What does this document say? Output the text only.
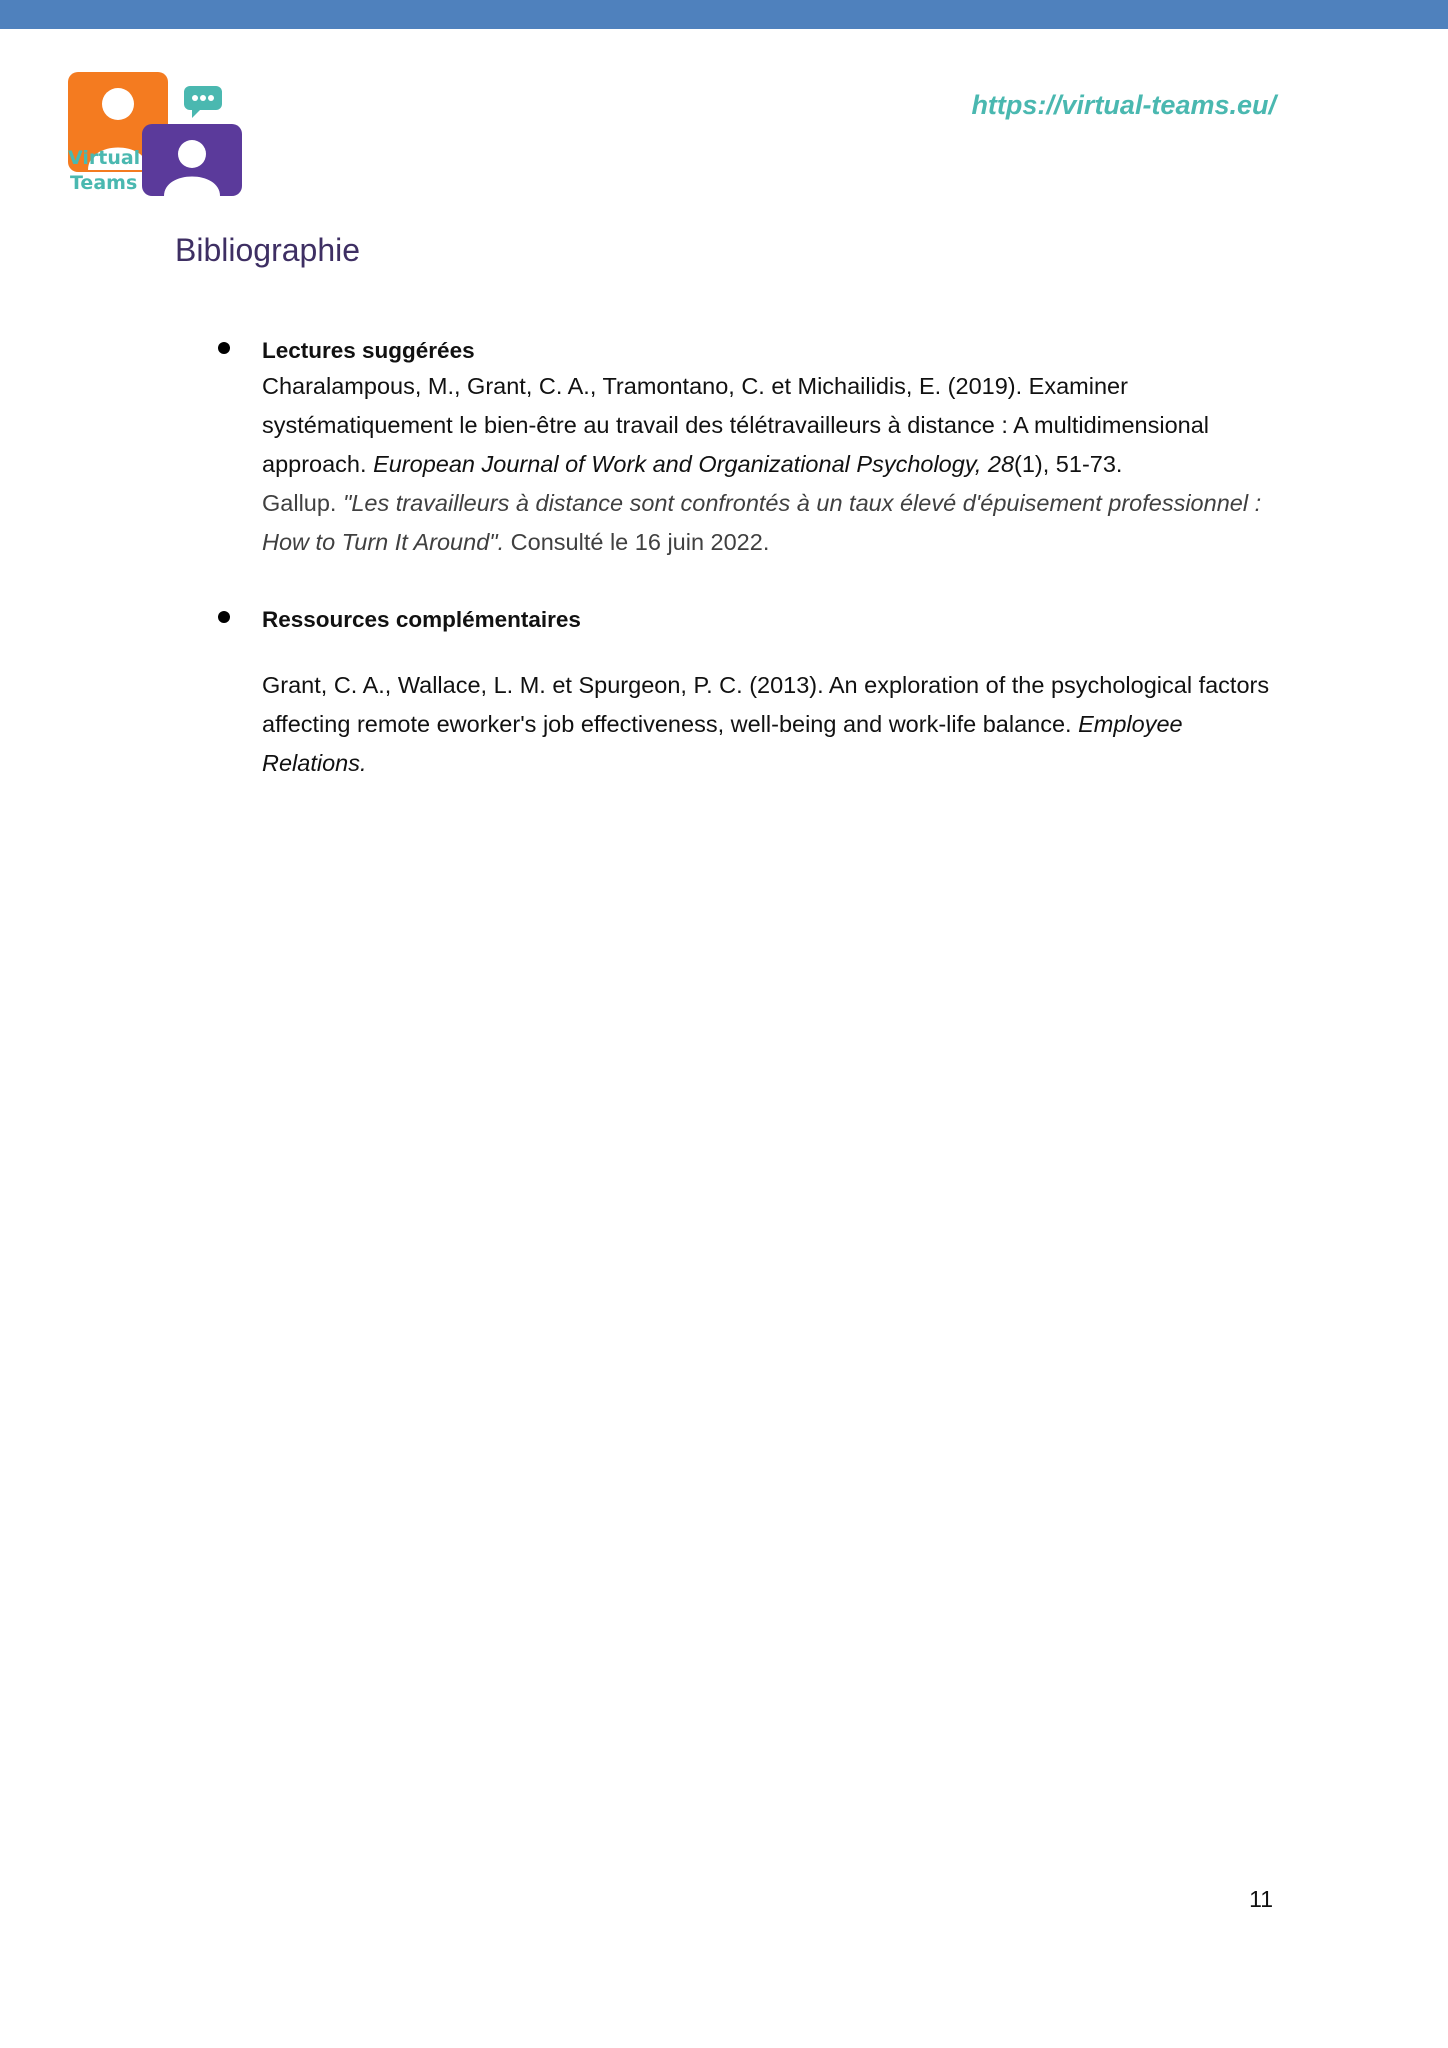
Virtual
Teams
https://virtual-teams.eu/
Bibliographie
Lectures suggérées
Charalampous, M., Grant, C. A., Tramontano, C. et Michailidis, E. (2019). Examiner systématiquement le bien-être au travail des télétravailleurs à distance : A multidimensional approach. European Journal of Work and Organizational Psychology, 28(1), 51-73.
Gallup. "Les travailleurs à distance sont confrontés à un taux élevé d'épuisement professionnel : How to Turn It Around". Consulté le 16 juin 2022.
Ressources complémentaires
Grant, C. A., Wallace, L. M. et Spurgeon, P. C. (2013). An exploration of the psychological factors affecting remote eworker's job effectiveness, well-being and work-life balance. Employee Relations.
11
